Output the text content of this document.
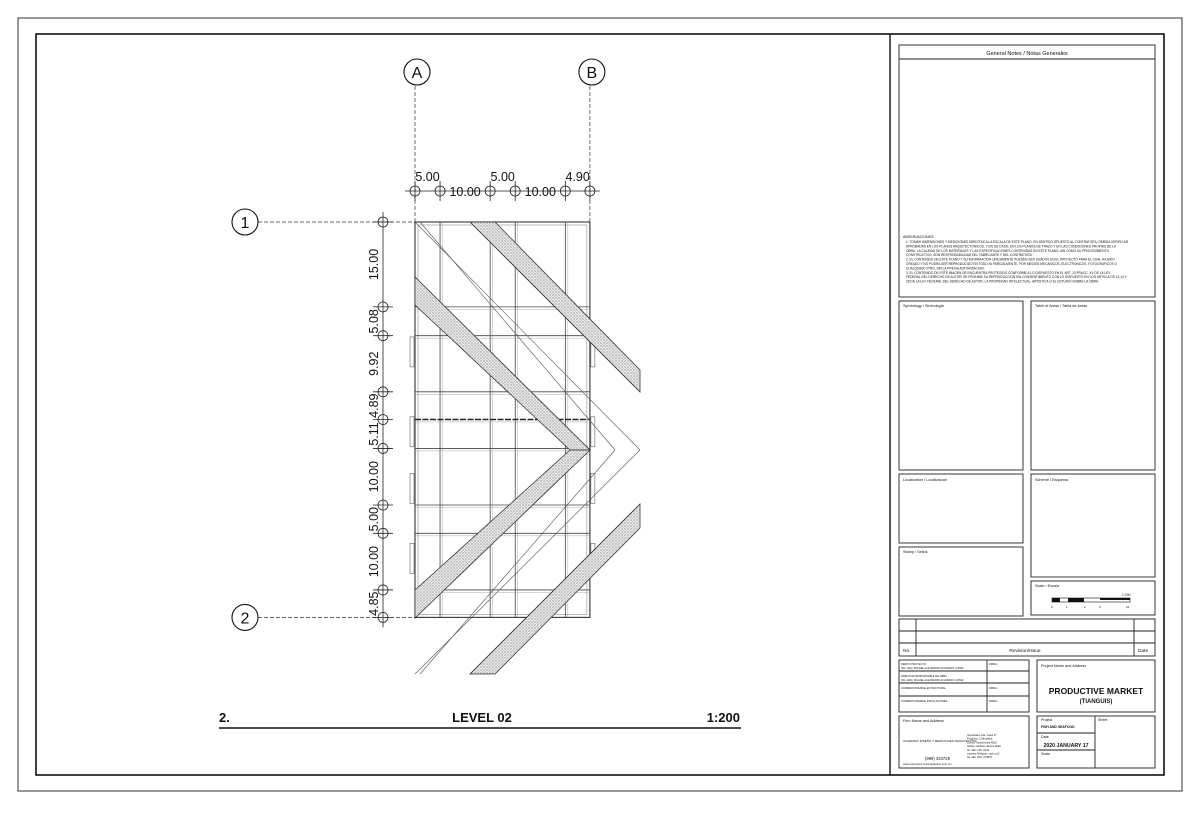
A	B
1
2
5.00
10.00
5.00
10.00
4.90
15.00
5.08
9.92
4.89
5.11
10.00
5.00
10.00
4.85
2.	LEVEL 02	1:200
General Notes / Notas Generales
ABSERVACIONES:
1. TOMAR DIMENSIONES Y MEDICIONES DIRECTAS A LA ESCALA DE ESTE PLANO, EN SENTIDO OPUESTO AL CONTRATISTA, DEBIDA VERIFICAR
APROBADAS EN LOS PLANOS ARQUITECTONICOS, Y EN SU CASO, EN LOS PLANOS DE TRAZO Y EN LAS CONDICIONES PROPIAS DE LA
OBRA, LA CALIDAD DE LOS MATERIALES Y LAS ESPECIFICACIONES CONTENIDAS EN ESTE PLANO, ASI COMO SU PROCEDIMIENTO
CONSTRUCTIVO, SON RESPONSABILIDAD DEL FABRICANTE Y DEL CONTRATISTA.
2. EL CONTENIDO DE ESTE PLANO Y SU INFORMACION UNICAMENTE PUEDEN SER USADOS EN EL PROYECTO PARA EL CUAL HA SIDO
CREADO Y NO PODRA SER REPRODUCIDO EN TODO NI PARCIALMENTE, POR MEDIOS MECANICOS, ELECTRONICOS, FOTOGRAFICOS O
CUALQUIER OTRO, SIN LA PREVIA AUTORIZACION.
3. EL CONTENIDO DE ESTE IMAGEN DE ENCUENTRA PROTEGIDO CONFORME A LO DISPUESTO EN EL ART. 13 FRACC. XV DE LA LEY
FEDERAL DEL DERECHO DE AUTOR, SE PROHIBE SU REPRODUCCION SIN CONSENTIMIENTO CON LO DISPUESTO EN LOS ARTICULOS 13,14 Y
28 DE LA LEY FEDERAL DEL DERECHO DE AUTOR, LA PROPIEDAD INTELECTUAL, ARTISTICA O EL ESTUDIO SOBRE LA OBRA.
Symbology / Simbologia	Table of Areas / Tabla de Areas
Localization / Localizacion	Scheme / Esquema
Stamp / Sellos
Scale / Escala
1:200
0	1	2	5	10
No.	Revision/Issue	Date
PERITO PROYECTO	FIRMA:
ING. ARQ. MIGUEL ALEJANDRO ALVARADO LOPEZ
DIRECTOR RESPONSABLE DE OBRA
ING. ARQ. MIGUEL ALEJANDRO ALVARADO LOPEZ
CORRESPONSABLE ESTRUCTURAL	FIRMA:
CORRESPONSABLE INSTALACIONES	FIRMA:
Project Name and Address
PRODUCTIVE MARKET
(TIANGUIS)
Firm Name and Address
ALVARADO DISEÑO Y MEDICIONES ARQUITECTOS
Venustiano Sta. Casa 17
Progreso, Chihuahua
Centro Tarahumara 4822
tel/fax: solicitar valores 2020
tel: alta: 125, 0233
carolina Márquez, gob.mx2
tel: alta: 023, 073870
(999) 334729
www.estructura.mx/arquitectos.com.mx
Project
FISH AND SEAFOOD
Sheet
Date
2020 JANUARY 17
Scale
